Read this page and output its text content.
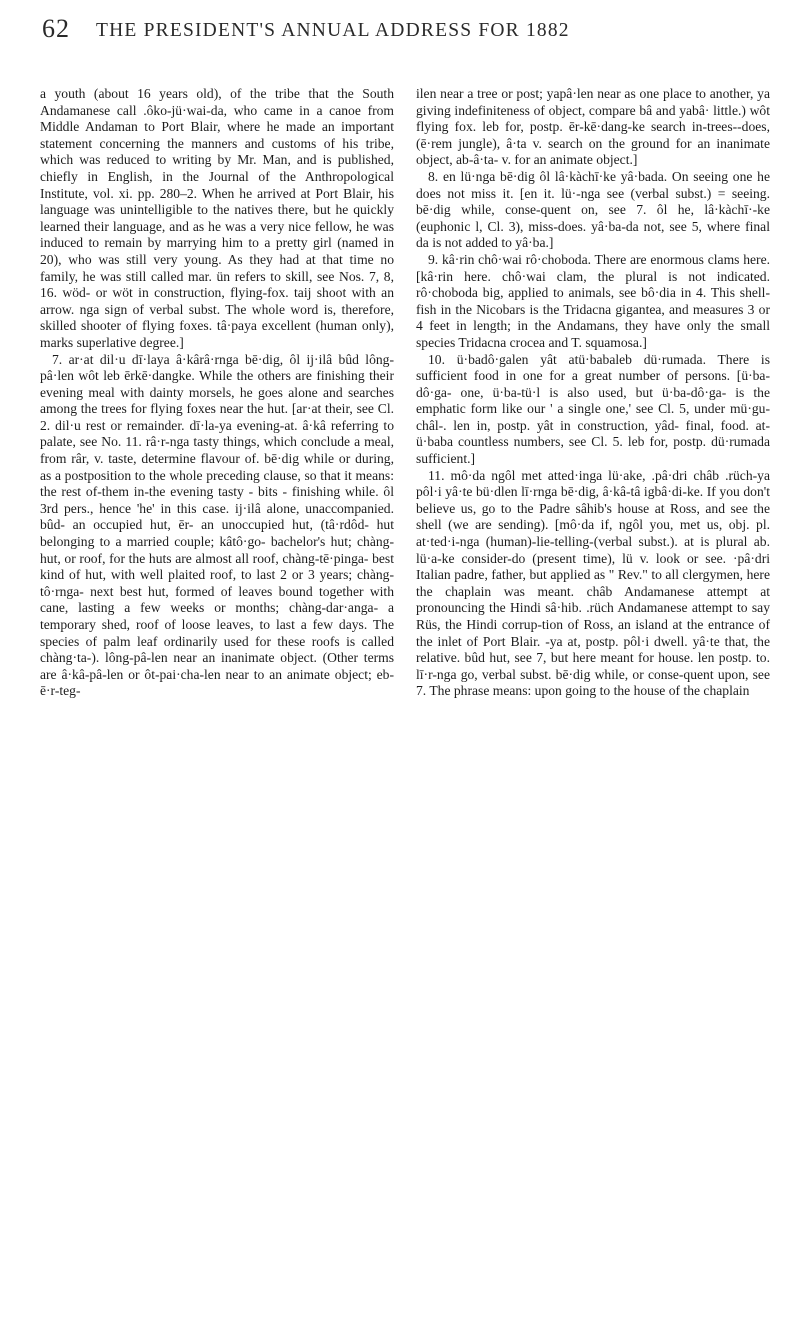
62 THE PRESIDENT'S ANNUAL ADDRESS FOR 1882

a youth (about 16 years old), of the tribe that the South Andamanese call .ôko-jü·wai-da, who came in a canoe from Middle Andaman to Port Blair, where he made an important statement concerning the manners and customs of his tribe, which was reduced to writing by Mr. Man, and is published, chiefly in English, in the Journal of the Anthropological Institute, vol. xi. pp. 280–2. When he arrived at Port Blair, his language was unintelligible to the natives there, but he quickly learned their language, and as he was a very nice fellow, he was induced to remain by marrying him to a pretty girl (named in 20), who was still very young. As they had at that time no family, he was still called mar. ün refers to skill, see Nos. 7, 8, 16. wöd- or wöt in construction, flying-fox. taij shoot with an arrow. nga sign of verbal subst. The whole word is, therefore, skilled shooter of flying foxes. tâ·paya excellent (human only), marks superlative degree.]

7. ar·at dil·u dī·laya â·kârâ·rnga bē·dig, ôl ij·ilâ bûd lông-pâ·len wôt leb ērkē·dangke. While the others are finishing their evening meal with dainty morsels, he goes alone and searches among the trees for flying foxes near the hut. [ar·at their, see Cl. 2. dil·u rest or remainder. dī·la-ya evening-at. â·kâ referring to palate, see No. 11. râ·r-nga tasty things, which conclude a meal, from râr, v. taste, determine flavour of. bē·dig while or during, as a postposition to the whole preceding clause, so that it means: the rest of-them in-the evening tasty - bits - finishing while. ôl 3rd pers., hence 'he' in this case. ij·ilâ alone, unaccompanied. bûd- an occupied hut, ēr- an unoccupied hut, (tâ·rdôd- hut belonging to a married couple; kâtô·go- bachelor's hut; chàng- hut, or roof, for the huts are almost all roof, chàng-tē·pinga- best kind of hut, with well plaited roof, to last 2 or 3 years; chàng-tô·rnga- next best hut, formed of leaves bound together with cane, lasting a few weeks or months; chàng-dar·anga- a temporary shed, roof of loose leaves, to last a few days. The species of palm leaf ordinarily used for these roofs is called chàng·ta-). lông-pâ-len near an inanimate object. (Other terms are â·kâ-pâ-len or ôt-pai·cha-len near to an animate object; eb-ē·r-teg-

ilen near a tree or post; yapâ·len near as one place to another, ya giving indefiniteness of object, compare bâ and yabâ· little.) wôt flying fox. leb for, postp. ēr-kē·dang-ke search in-trees--does, (ē·rem jungle), â·ta v. search on the ground for an inanimate object, ab-â·ta- v. for an animate object.]

8. en lü·nga bē·dig ôl lâ·kàchī·ke yâ·bada. On seeing one he does not miss it. [en it. lü·-nga see (verbal subst.) = seeing. bē·dig while, conse-quent on, see 7. ôl he, lâ·kàchī·-ke (euphonic l, Cl. 3), miss-does. yâ·ba-da not, see 5, where final da is not added to yâ·ba.]

9. kâ·rin chô·wai rô·choboda. There are enormous clams here. [kâ·rin here. chô·wai clam, the plural is not indicated. rô·choboda big, applied to animals, see bô·dia in 4. This shell-fish in the Nicobars is the Tridacna gigantea, and measures 3 or 4 feet in length; in the Andamans, they have only the small species Tridacna crocea and T. squamosa.]

10. ü·badô·galen yât atü·babaleb dü·rumada. There is sufficient food in one for a great number of persons. [ü·ba-dô·ga- one, ü·ba-tü·l is also used, but ü·ba-dô·ga- is the emphatic form like our ' a single one,' see Cl. 5, under mü·gu-châl-. len in, postp. yât in construction, yâd- final, food. at-ü·baba countless numbers, see Cl. 5. leb for, postp. dü·rumada sufficient.]

11. mô·da ngôl met atted·inga lü·ake, .pâ·dri châb .rüch-ya pôl·i yâ·te bü·dlen lī·rnga bē·dig, â·kâ-tâ igbâ·di-ke. If you don't believe us, go to the Padre sâhib's house at Ross, and see the shell (we are sending). [mô·da if, ngôl you, met us, obj. pl. at·ted·i-nga (human)-lie-telling-(verbal subst.). at is plural ab. lü·a-ke consider-do (present time), lü v. look or see. ·pâ·dri Italian padre, father, but applied as " Rev." to all clergymen, here the chaplain was meant. châb Andamanese attempt at pronouncing the Hindi sâ·hib. .rüch Andamanese attempt to say Rüs, the Hindi corrup-tion of Ross, an island at the entrance of the inlet of Port Blair. -ya at, postp. pôl·i dwell. yâ·te that, the relative. bûd hut, see 7, but here meant for house. len postp. to. lī·r-nga go, verbal subst. bē·dig while, or conse-quent upon, see 7. The phrase means: upon going to the house of the chaplain
